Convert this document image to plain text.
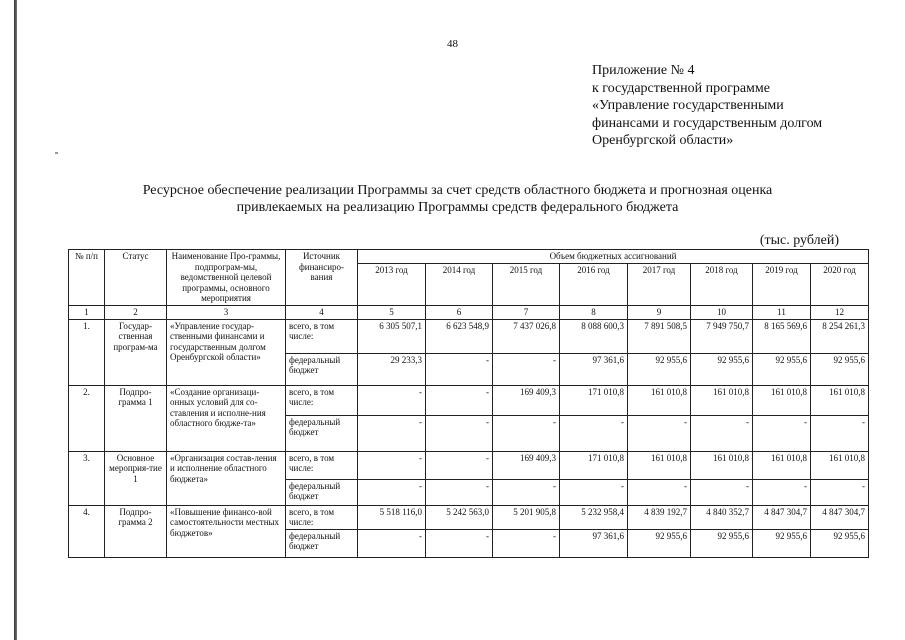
48
Приложение № 4
к государственной программе
«Управление государственными
финансами и государственным долгом
Оренбургской области»
Ресурсное обеспечение реализации Программы за счет средств областного бюджета и прогнозная оценка
привлекаемых на реализацию Программы средств федерального бюджета
(тыс. рублей)
№ п/п	Статус	Наименование Про-граммы, подпрограм-мы, ведомственной целевой программы, основного мероприятия	Источник финансиро-вания	Объем бюджетных ассигнований							
				2013 год	2014 год	2015 год	2016 год	2017 год	2018 год	2019 год	2020 год
1	2	3	4	5	6	7	8	9	10	11	12
1.	Государ-ственная програм-ма	«Управление государ-ственными финансами и государственным долгом Оренбургской области»	всего, в том числе:	6 305 507,1	6 623 548,9	7 437 026,8	8 088 600,3	7 891 508,5	7 949 750,7	8 165 569,6	8 254 261,3
			федеральный бюджет	29 233,3	-	-	97 361,6	92 955,6	92 955,6	92 955,6	92 955,6
2.	Подпро-грамма 1	«Создание организаци-онных условий для со-ставления и исполне-ния областного бюдже-та»	всего, в том числе:	-	-	169 409,3	171 010,8	161 010,8	161 010,8	161 010,8	161 010,8
			федеральный бюджет	-	-	-	-	-	-	-	-
3.	Основное мероприя-тие 1	«Организация состав-ления и исполнение областного бюджета»	всего, в том числе:	-	-	169 409,3	171 010,8	161 010,8	161 010,8	161 010,8	161 010,8
			федеральный бюджет	-	-	-	-	-	-	-	-
4.	Подпро-грамма 2	«Повышение финансо-вой самостоятельности местных бюджетов»	всего, в том числе:	5 518 116,0	5 242 563,0	5 201 905,8	5 232 958,4	4 839 192,7	4 840 352,7	4 847 304,7	4 847 304,7
			федеральный бюджет	-	-	-	97 361,6	92 955,6	92 955,6	92 955,6	92 955,6
